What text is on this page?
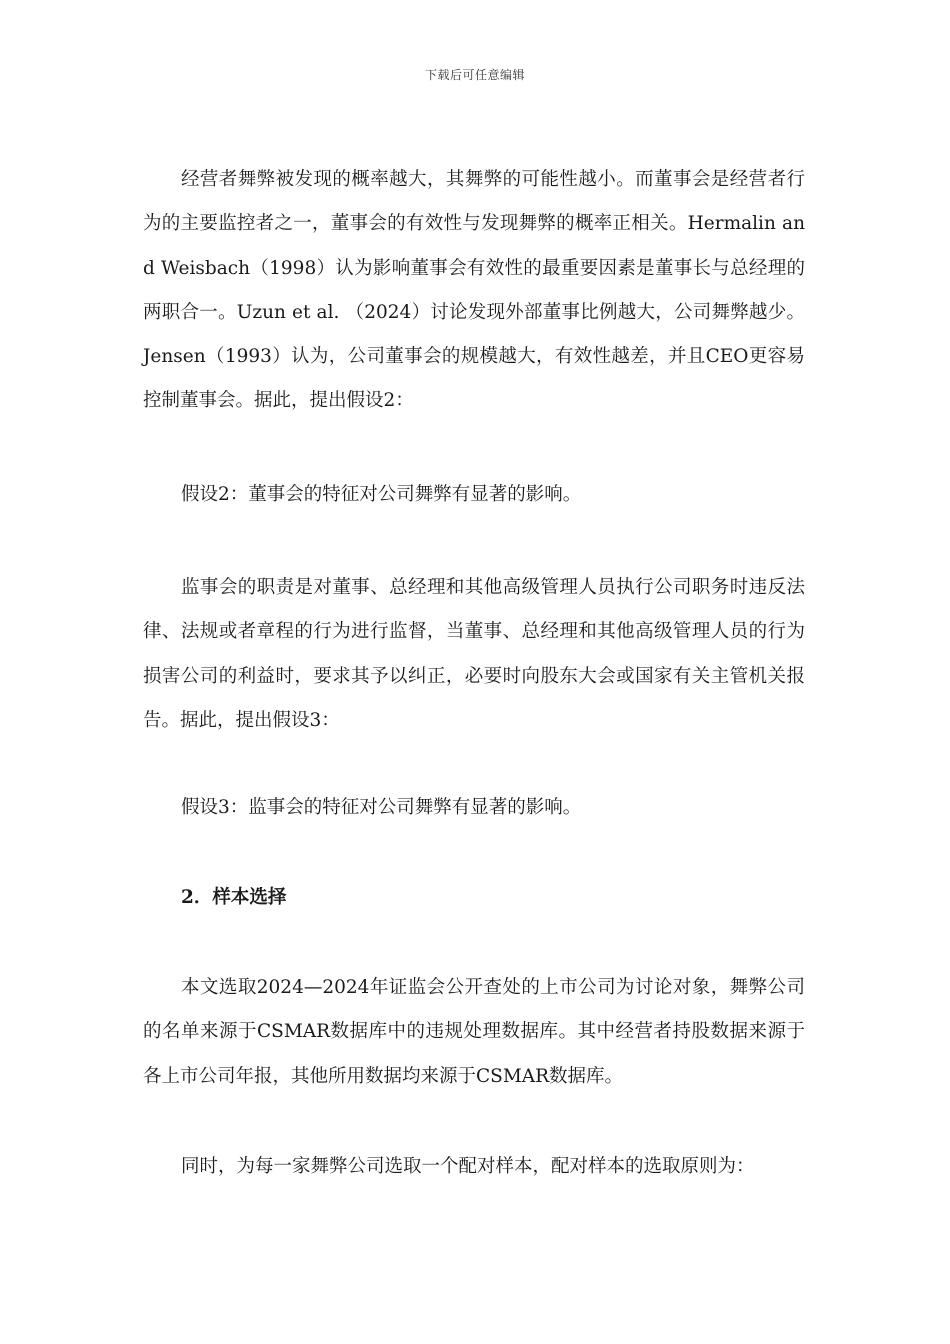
下载后可任意编辑

经营者舞弊被发现的概率越大，其舞弊的可能性越小。而董事会是经营者行为的主要监控者之一，董事会的有效性与发现舞弊的概率正相关。Hermalin and Weisbach（1998）认为影响董事会有效性的最重要因素是董事长与总经理的两职合一。Uzun et al. （2024）讨论发现外部董事比例越大，公司舞弊越少。Jensen（1993）认为，公司董事会的规模越大，有效性越差，并且CEO更容易控制董事会。据此，提出假设2：

假设2：董事会的特征对公司舞弊有显著的影响。

监事会的职责是对董事、总经理和其他高级管理人员执行公司职务时违反法律、法规或者章程的行为进行监督，当董事、总经理和其他高级管理人员的行为损害公司的利益时，要求其予以纠正，必要时向股东大会或国家有关主管机关报告。据此，提出假设3：

假设3：监事会的特征对公司舞弊有显著的影响。

2．样本选择

本文选取2024—2024年证监会公开查处的上市公司为讨论对象，舞弊公司的名单来源于CSMAR数据库中的违规处理数据库。其中经营者持股数据来源于各上市公司年报，其他所用数据均来源于CSMAR数据库。

同时，为每一家舞弊公司选取一个配对样本，配对样本的选取原则为：
